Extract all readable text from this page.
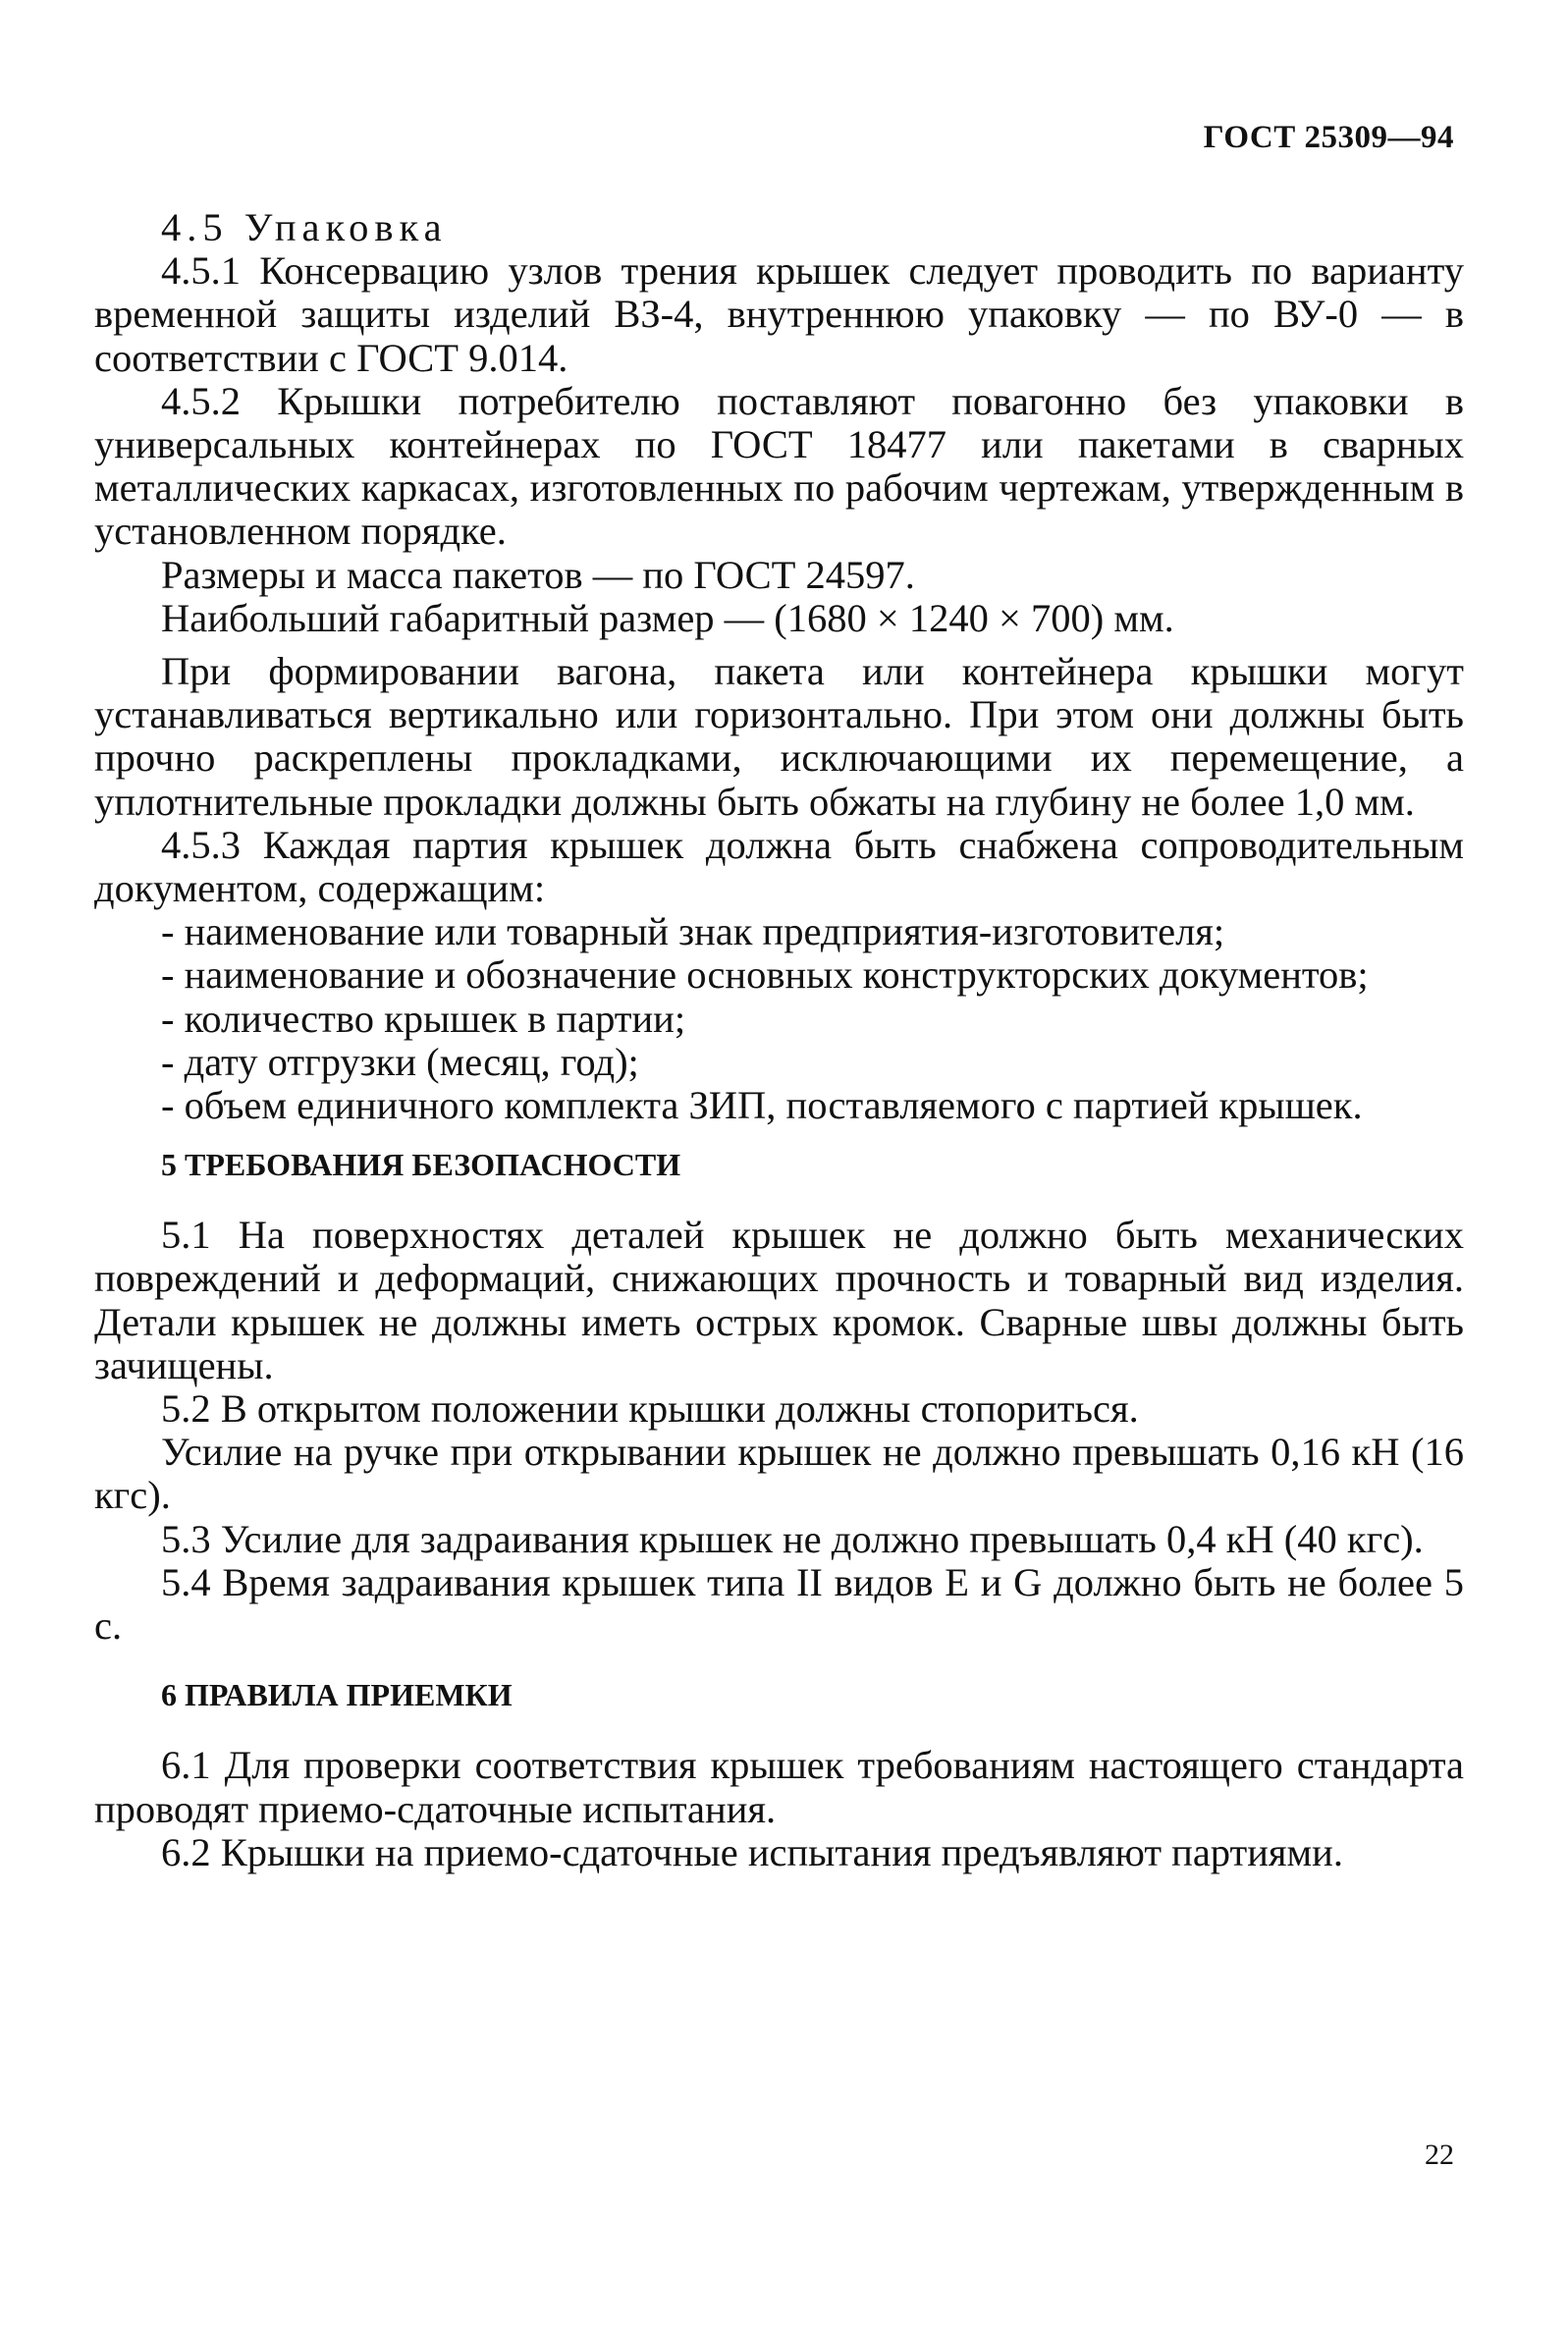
ГОСТ 25309—94

4.5 Упаковка

4.5.1 Консервацию узлов трения крышек следует проводить по варианту временной защиты изделий ВЗ-4, внутреннюю упаковку — по ВУ-0 — в соответствии с ГОСТ 9.014.

4.5.2 Крышки потребителю поставляют повагонно без упаковки в универсальных контейнерах по ГОСТ 18477 или пакетами в сварных металлических каркасах, изготовленных по рабочим чертежам, утвержденным в установленном порядке.

Размеры и масса пакетов — по ГОСТ 24597.

Наибольший габаритный размер — (1680 × 1240 × 700) мм.

При формировании вагона, пакета или контейнера крышки могут устанавливаться вертикально или горизонтально. При этом они должны быть прочно раскреплены прокладками, исключающими их перемещение, а уплотнительные прокладки должны быть обжаты на глубину не более 1,0 мм.

4.5.3 Каждая партия крышек должна быть снабжена сопроводительным документом, содержащим:

- наименование или товарный знак предприятия-изготовителя;

- наименование и обозначение основных конструкторских документов;

- количество крышек в партии;

- дату отгрузки (месяц, год);

- объем единичного комплекта ЗИП, поставляемого с партией крышек.

5 ТРЕБОВАНИЯ БЕЗОПАСНОСТИ

5.1 На поверхностях деталей крышек не должно быть механических повреждений и деформаций, снижающих прочность и товарный вид изделия. Детали крышек не должны иметь острых кромок. Сварные швы должны быть зачищены.

5.2 В открытом положении крышки должны стопориться.

Усилие на ручке при открывании крышек не должно превышать 0,16 кН (16 кгс).

5.3 Усилие для задраивания крышек не должно превышать 0,4 кН (40 кгс).

5.4 Время задраивания крышек типа II видов Е и G должно быть не более 5 с.

6 ПРАВИЛА ПРИЕМКИ

6.1 Для проверки соответствия крышек требованиям настоящего стандарта проводят приемо-сдаточные испытания.

6.2 Крышки на приемо-сдаточные испытания предъявляют партиями.

22
